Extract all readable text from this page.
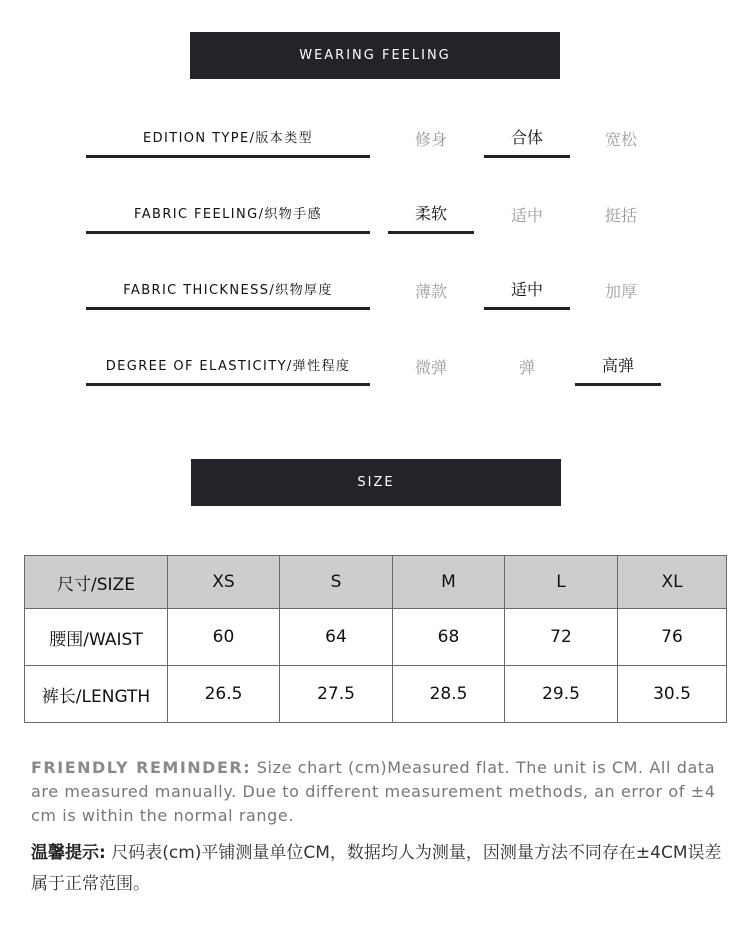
WEARING FEELING
EDITION TYPE/版本类型	修身	合体	宽松
FABRIC FEELING/织物手感	柔软	适中	挺括
FABRIC THICKNESS/织物厚度	薄款	适中	加厚
DEGREE OF ELASTICITY/弹性程度	微弹	弹	高弹
SIZE
尺寸/SIZE	XS	S	M	L	XL
腰围/WAIST	60	64	68	72	76
裤长/LENGTH	26.5	27.5	28.5	29.5	30.5
FRIENDLY REMINDER: Size chart (cm)Measured flat. The unit is CM. All data are measured manually. Due to different measurement methods, an error of ±4 cm is within the normal range.
温馨提示: 尺码表(cm)平铺测量单位CM，数据均人为测量，因测量方法不同存在±4CM误差属于正常范围。
